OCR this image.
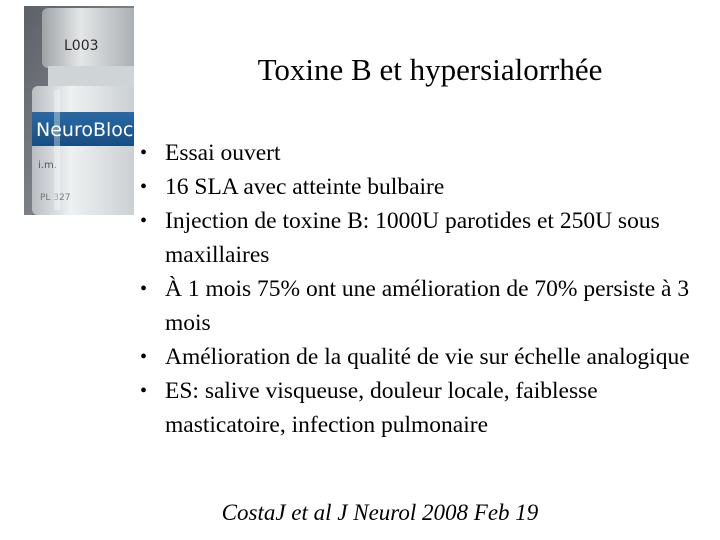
L003
NeuroBloc
i.m.
PL 327
Toxine B et hypersialorrhée
• Essai ouvert
• 16 SLA avec atteinte bulbaire
• Injection de toxine B: 1000U parotides et 250U sous maxillaires
• À 1 mois 75% ont une amélioration de 70% persiste à 3 mois
• Amélioration de la qualité de vie sur échelle analogique
• ES: salive visqueuse, douleur locale, faiblesse masticatoire, infection pulmonaire
CostaJ et al J Neurol 2008 Feb 19
